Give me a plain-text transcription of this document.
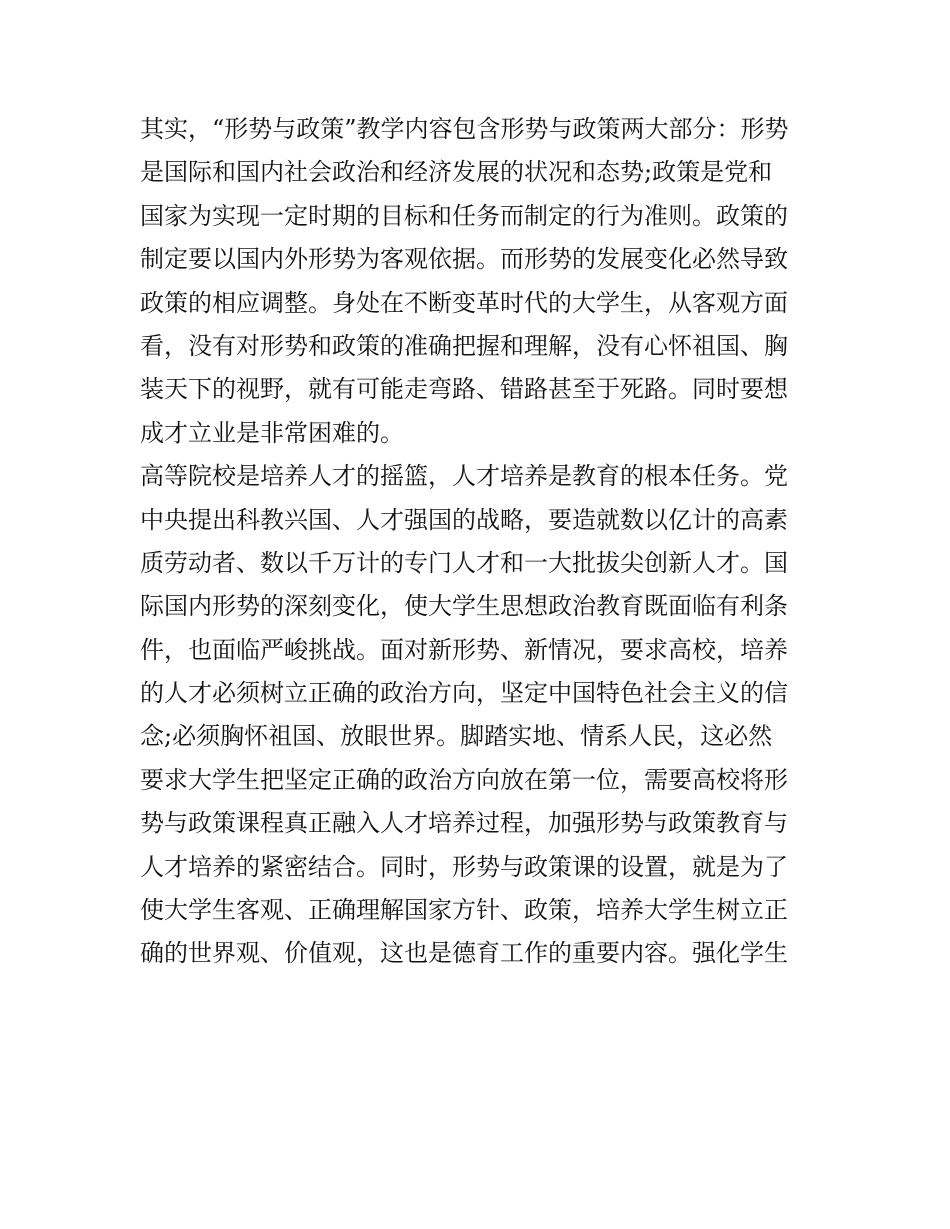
其实，“形势与政策”教学内容包含形势与政策两大部分：形势
是国际和国内社会政治和经济发展的状况和态势;政策是党和
国家为实现一定时期的目标和任务而制定的行为准则。政策的
制定要以国内外形势为客观依据。而形势的发展变化必然导致
政策的相应调整。身处在不断变革时代的大学生，从客观方面
看，没有对形势和政策的准确把握和理解，没有心怀祖国、胸
装天下的视野，就有可能走弯路、错路甚至于死路。同时要想
成才立业是非常困难的。
高等院校是培养人才的摇篮，人才培养是教育的根本任务。党
中央提出科教兴国、人才强国的战略，要造就数以亿计的高素
质劳动者、数以千万计的专门人才和一大批拔尖创新人才。国
际国内形势的深刻变化，使大学生思想政治教育既面临有利条
件，也面临严峻挑战。面对新形势、新情况，要求高校，培养
的人才必须树立正确的政治方向，坚定中国特色社会主义的信
念;必须胸怀祖国、放眼世界。脚踏实地、情系人民，这必然
要求大学生把坚定正确的政治方向放在第一位，需要高校将形
势与政策课程真正融入人才培养过程，加强形势与政策教育与
人才培养的紧密结合。同时，形势与政策课的设置，就是为了
使大学生客观、正确理解国家方针、政策，培养大学生树立正
确的世界观、价值观，这也是德育工作的重要内容。强化学生
